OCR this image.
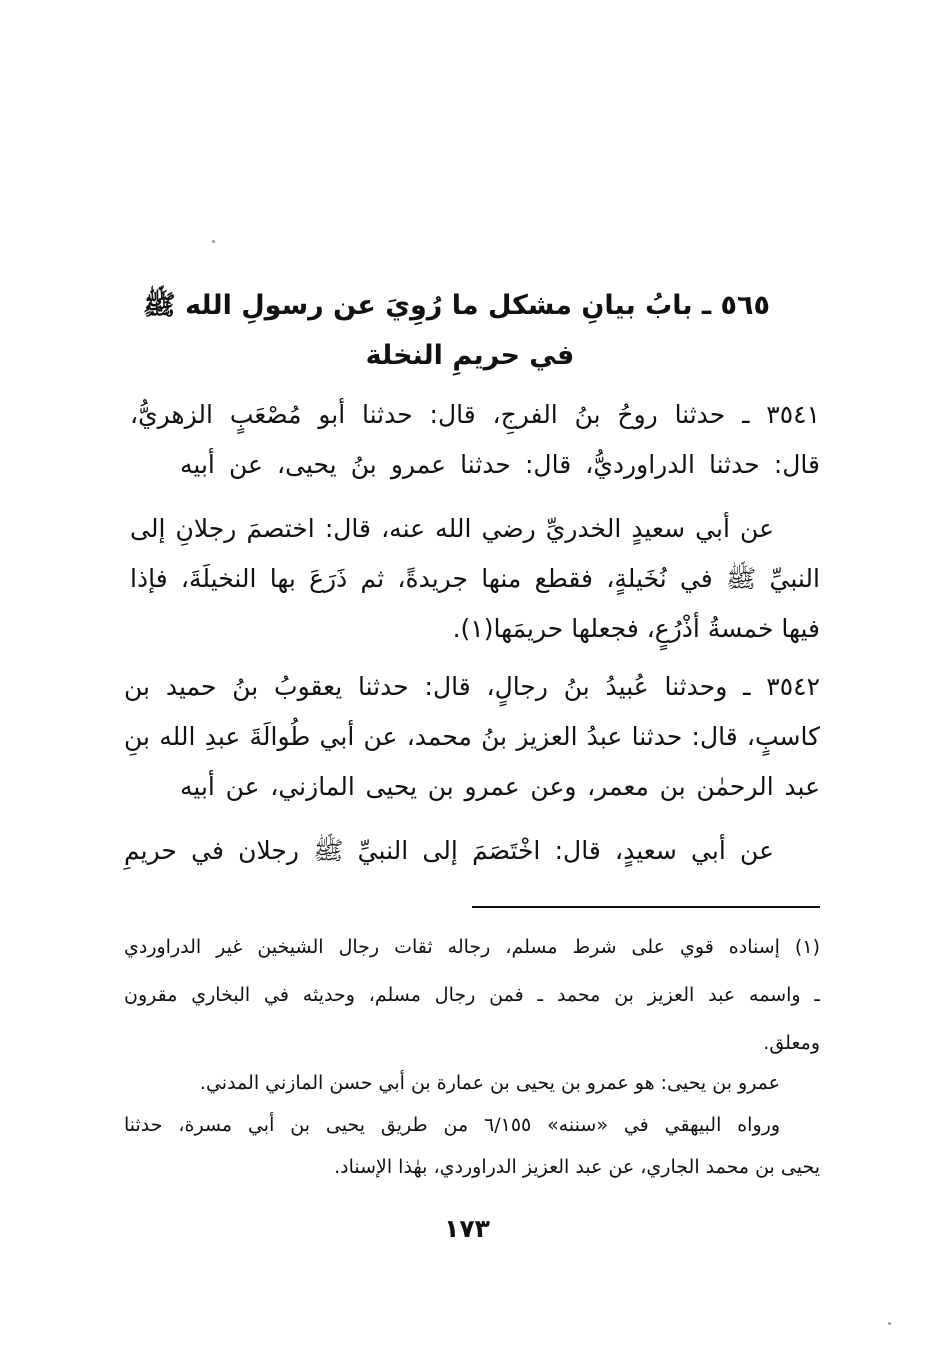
٥٦٥ ـ بابُ بيانِ مشكل ما رُوِيَ عن رسولِ الله ﷺ
في حريمِ النخلة
٣٥٤١ ـ حدثنا روحُ بنُ الفرجِ، قال: حدثنا أبو مُصْعَبٍ الزهريُّ،
قال: حدثنا الدراورديُّ، قال: حدثنا عمرو بنُ يحيى، عن أبيه
عن أبي سعيدٍ الخدريِّ رضي الله عنه، قال: اختصمَ رجلانِ إلى
النبيِّ ﷺ في نُخَيلةٍ، فقطع منها جريدةً، ثم ذَرَعَ بها النخيلَةَ، فإذا
فيها خمسةُ أذْرُعٍ، فجعلها حريمَها(١).
٣٥٤٢ ـ وحدثنا عُبيدُ بنُ رجالٍ، قال: حدثنا يعقوبُ بنُ حميد بن
كاسبٍ، قال: حدثنا عبدُ العزيز بنُ محمد، عن أبي طُوالَةَ عبدِ الله بنِ
عبد الرحمٰن بن معمر، وعن عمرو بن يحيى المازني، عن أبيه
عن أبي سعيدٍ، قال: اخْتَصَمَ إلى النبيِّ ﷺ رجلان في حريمِ
(١) إسناده قوي على شرط مسلم، رجاله ثقات رجال الشيخين غير الدراوردي
ـ واسمه عبد العزيز بن محمد ـ فمن رجال مسلم، وحديثه في البخاري مقرون
ومعلق.
عمرو بن يحيى: هو عمرو بن يحيى بن عمارة بن أبي حسن المازني المدني.
ورواه البيهقي في «سننه» ٦/١٥٥ من طريق يحيى بن أبي مسرة، حدثنا
يحيى بن محمد الجاري، عن عبد العزيز الدراوردي، بهٰذا الإسناد.
١٧٣
